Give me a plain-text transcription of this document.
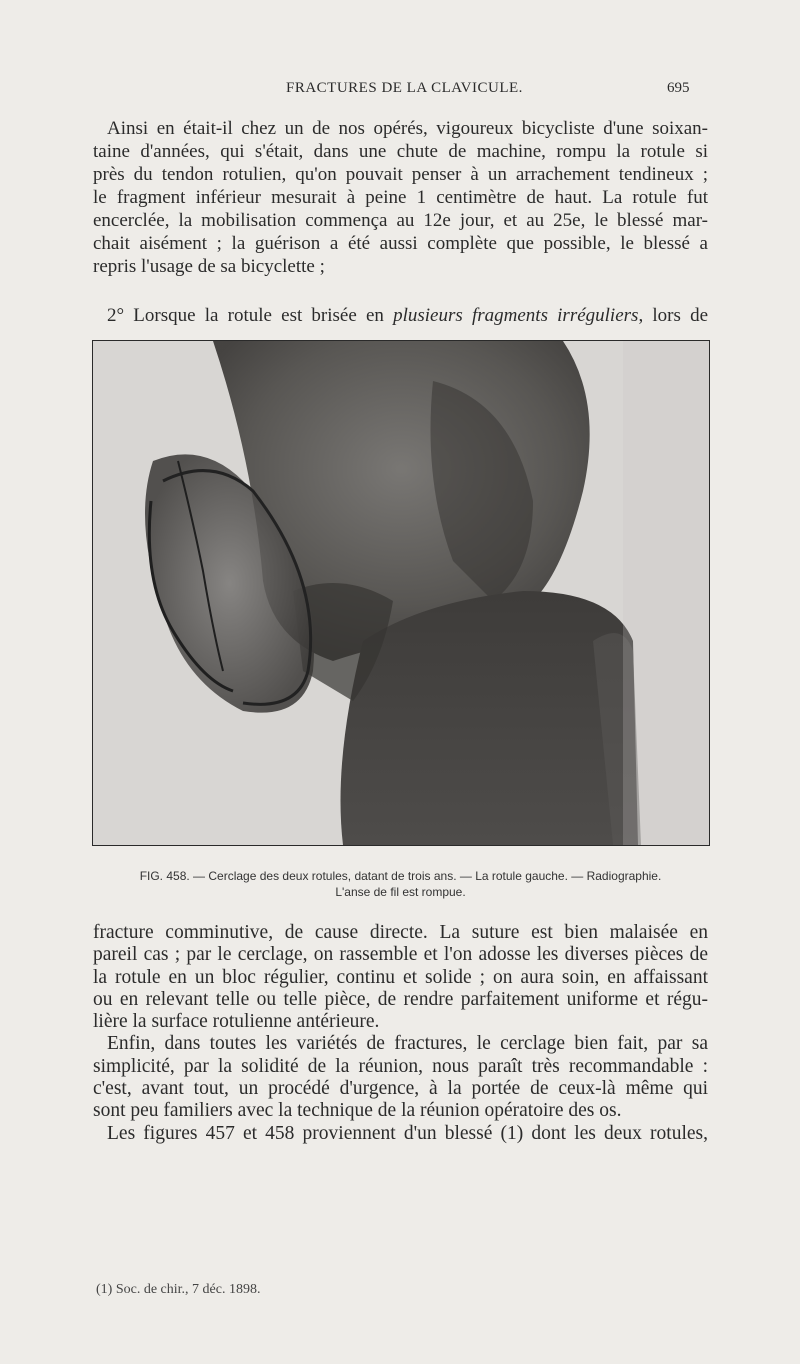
FRACTURES DE LA CLAVICULE.	695
Ainsi en était-il chez un de nos opérés, vigoureux bicycliste d'une soixan-
taine d'années, qui s'était, dans une chute de machine, rompu la rotule si
près du tendon rotulien, qu'on pouvait penser à un arrachement tendineux ;
le fragment inférieur mesurait à peine 1 centimètre de haut. La rotule fut
encerclée, la mobilisation commença au 12e jour, et au 25e, le blessé mar-
chait aisément ; la guérison a été aussi complète que possible, le blessé a
repris l'usage de sa bicyclette ;
2° Lorsque la rotule est brisée en plusieurs fragments irréguliers, lors de
FIG. 458. — Cerclage des deux rotules, datant de trois ans. — La rotule gauche. — Radiographie.
L'anse de fil est rompue.
fracture comminutive, de cause directe. La suture est bien malaisée en
pareil cas ; par le cerclage, on rassemble et l'on adosse les diverses pièces de
la rotule en un bloc régulier, continu et solide ; on aura soin, en affaissant
ou en relevant telle ou telle pièce, de rendre parfaitement uniforme et régu-
lière la surface rotulienne antérieure.
Enfin, dans toutes les variétés de fractures, le cerclage bien fait, par sa
simplicité, par la solidité de la réunion, nous paraît très recommandable :
c'est, avant tout, un procédé d'urgence, à la portée de ceux-là même qui
sont peu familiers avec la technique de la réunion opératoire des os.
Les figures 457 et 458 proviennent d'un blessé (1) dont les deux rotules,
(1) Soc. de chir., 7 déc. 1898.
